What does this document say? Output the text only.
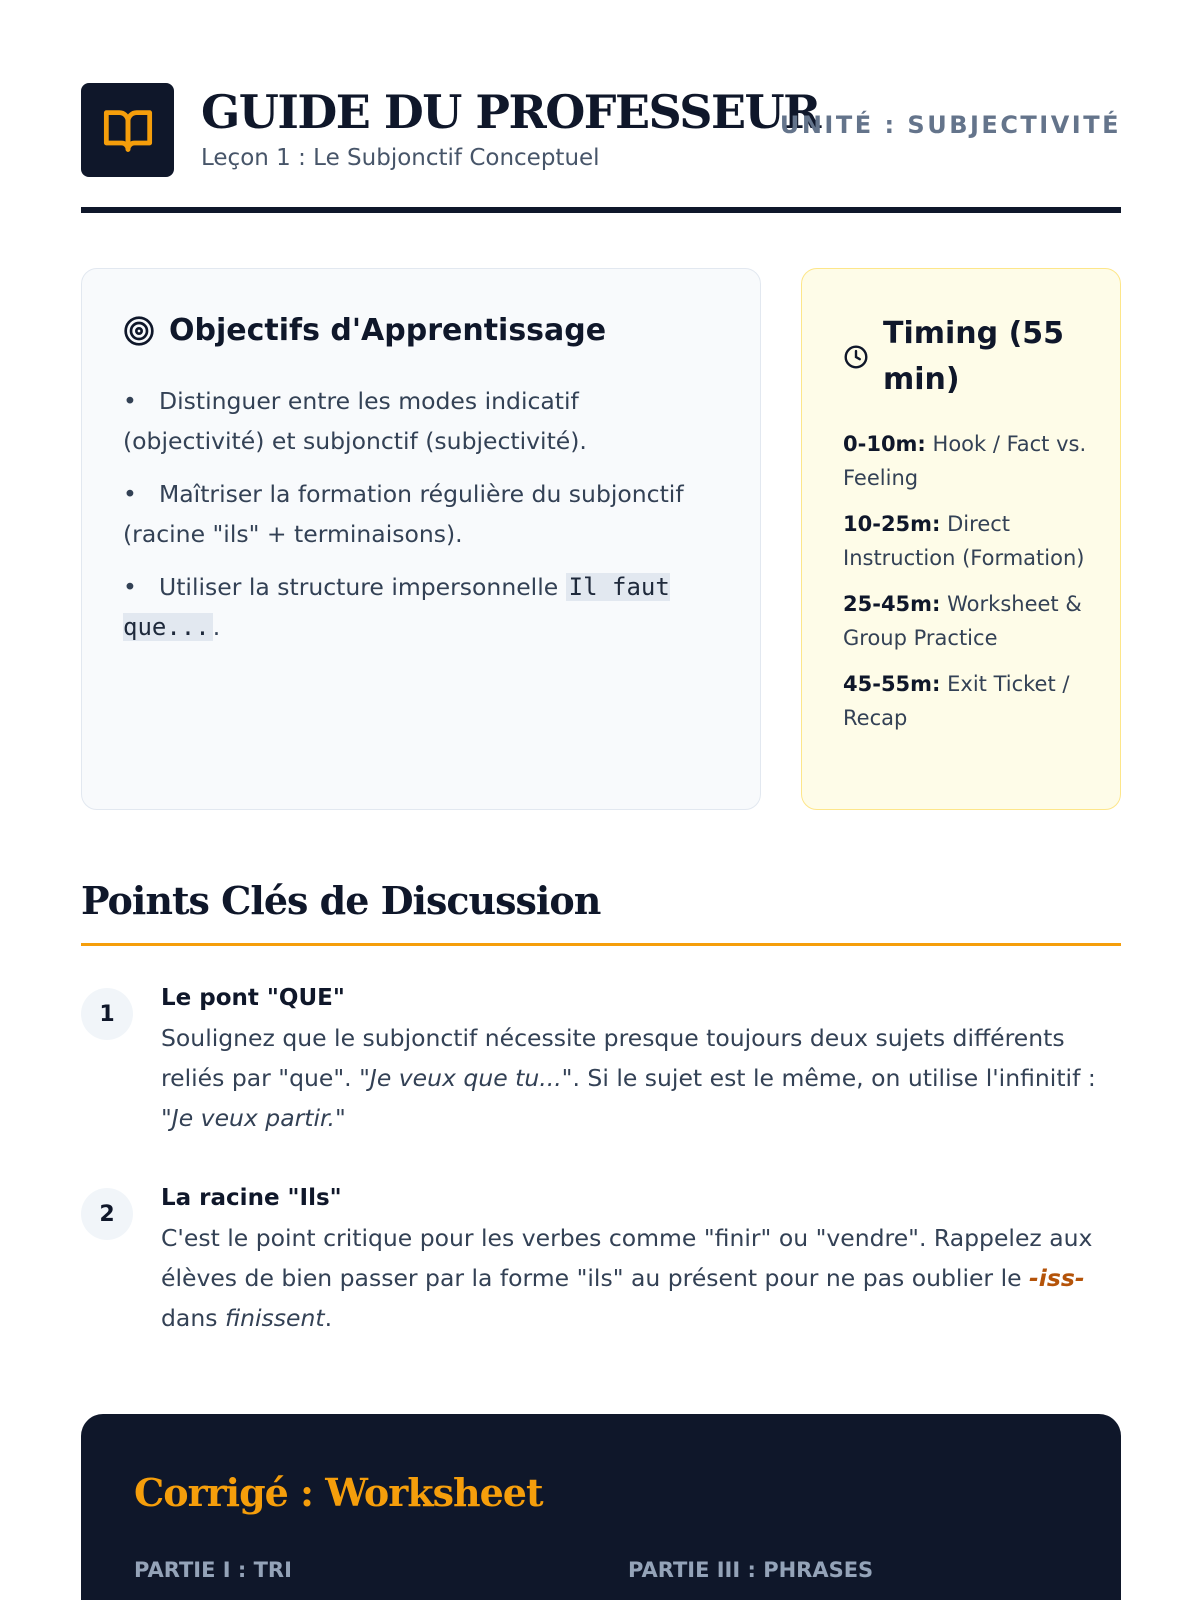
GUIDE DU PROFESSEUR
Leçon 1 : Le Subjonctif Conceptuel
UNITÉ : SUBJECTIVITÉ
Objectifs d'Apprentissage
•Distinguer entre les modes indicatif (objectivité) et subjonctif (subjectivité).
•Maîtriser la formation régulière du subjonctif (racine "ils" + terminaisons).
•Utiliser la structure impersonnelle Il faut que... .
Timing (55 min)
0-10m: Hook / Fact vs. Feeling
10-25m: Direct Instruction (Formation)
25-45m: Worksheet & Group Practice
45-55m: Exit Ticket / Recap
Points Clés de Discussion
1
Le pont "QUE"
Soulignez que le subjonctif nécessite presque toujours deux sujets différents reliés par "que". "Je veux que tu...". Si le sujet est le même, on utilise l'infinitif : "Je veux partir."
2
La racine "Ils"
C'est le point critique pour les verbes comme "finir" ou "vendre". Rappelez aux élèves de bien passer par la forme "ils" au présent pour ne pas oublier le -iss- dans finissent.
Corrigé : Worksheet
PARTIE I : TRI	PARTIE III : PHRASES
